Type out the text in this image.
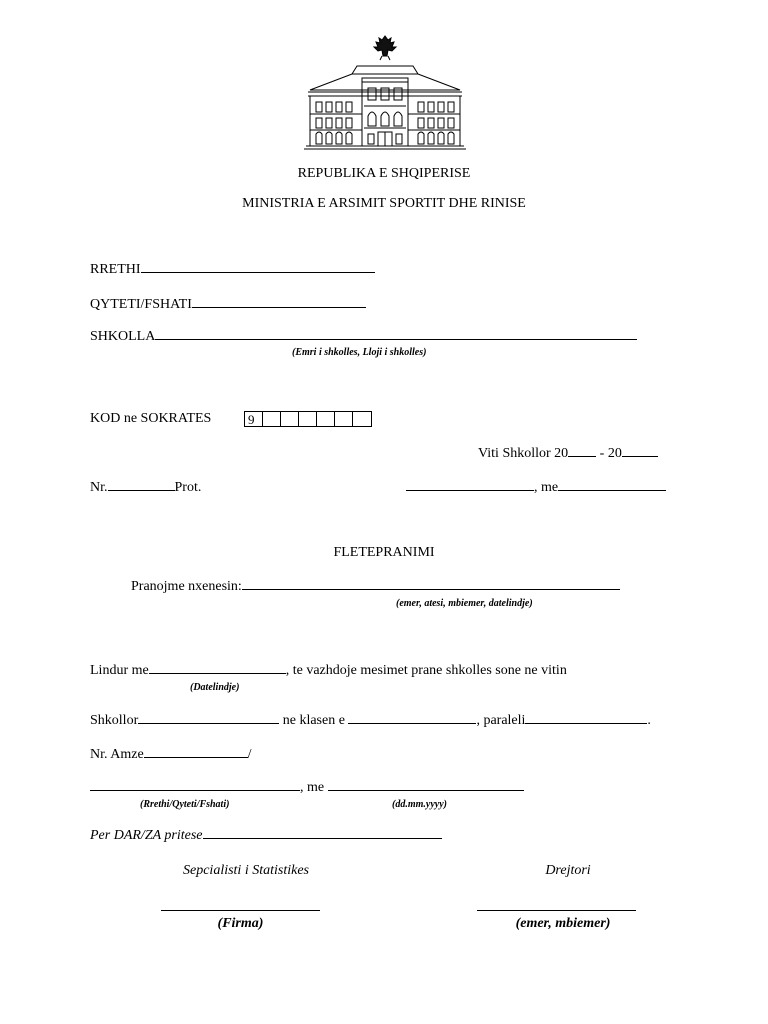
REPUBLIKA E SHQIPERISE
MINISTRIA E ARSIMIT SPORTIT DHE RINISE
RRETHI
QYTETI/FSHATI
SHKOLLA
(Emri i shkolles, Lloji i shkolles)
KOD ne SOKRATES	9
Viti Shkollor 20 - 20
Nr.	Prot.	, me
FLETEPRANIMI
Pranojme nxenesin:
(emer, atesi, mbiemer, datelindje)
Lindur me	, te vazhdoje mesimet prane shkolles sone ne vitin
(Datelindje)
Shkollor	ne klasen e	, paraleli	.
Nr. Amze	/
, me
(Rrethi/Qyteti/Fshati)	(dd.mm.yyyy)
Per DAR/ZA pritese
Sepcialisti i Statistikes	Drejtori
(Firma)	(emer, mbiemer)
